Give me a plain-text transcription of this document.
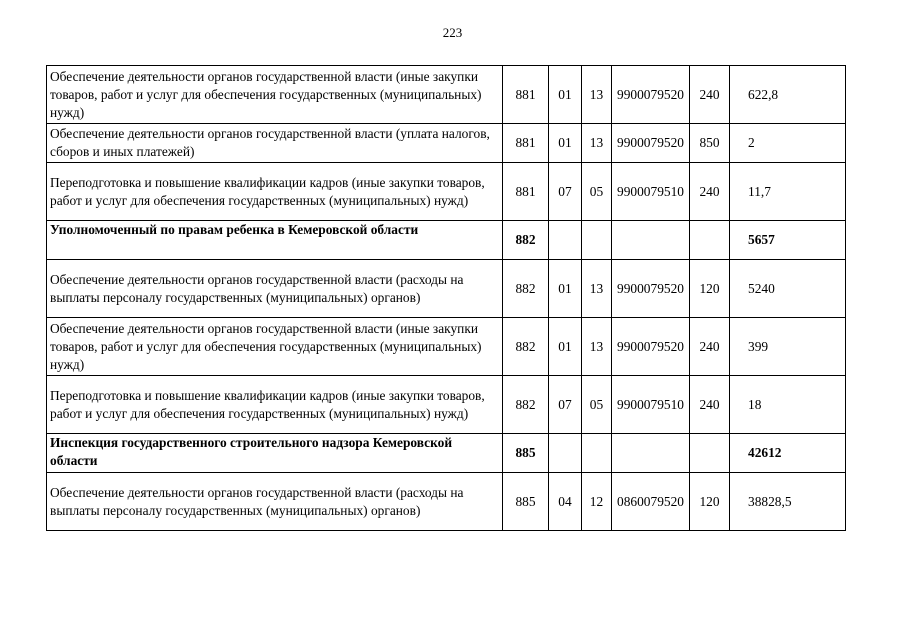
223
Обеспечение деятельности органов государственной власти (иные закупки товаров, работ и услуг для обеспечения государственных (муниципальных) нужд)	881	01	13	9900079520	240	622,8
Обеспечение деятельности органов государственной власти (уплата налогов, сборов и иных платежей)	881	01	13	9900079520	850	2
Переподготовка и повышение квалификации кадров (иные закупки товаров, работ и услуг для обеспечения государственных (муниципальных) нужд)	881	07	05	9900079510	240	11,7
Уполномоченный по правам ребенка в Кемеровской области	882					5657
Обеспечение деятельности органов государственной власти (расходы на выплаты персоналу государственных (муниципальных) органов)	882	01	13	9900079520	120	5240
Обеспечение деятельности органов государственной власти (иные закупки товаров, работ и услуг для обеспечения государственных (муниципальных) нужд)	882	01	13	9900079520	240	399
Переподготовка и повышение квалификации кадров (иные закупки товаров, работ и услуг для обеспечения государственных (муниципальных) нужд)	882	07	05	9900079510	240	18
Инспекция государственного строительного надзора Кемеровской области	885					42612
Обеспечение деятельности органов государственной власти (расходы на выплаты персоналу государственных (муниципальных) органов)	885	04	12	0860079520	120	38828,5
